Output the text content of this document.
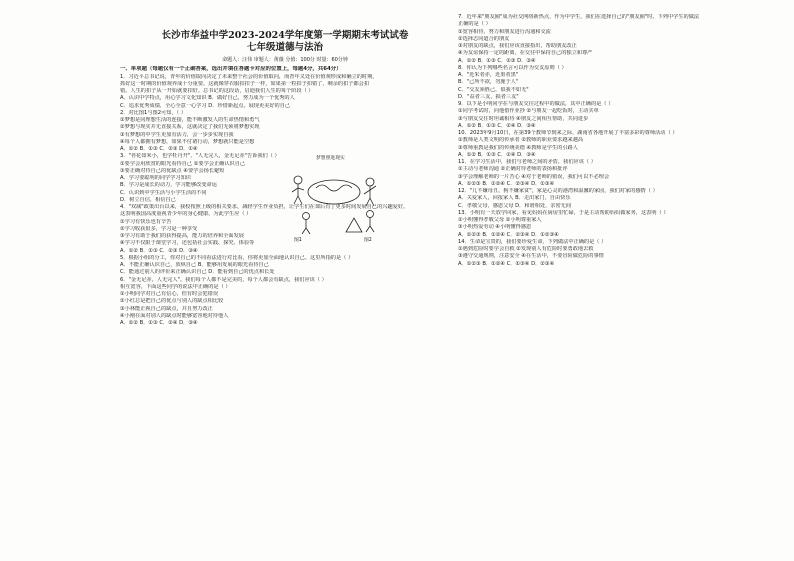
长沙市华益中学2023-2024学年度第一学期期末考试试卷
七年级道德与法治
命题人：汪伟 审题人：黄薇 分值：100分 时量：60分钟
一、单项题（每题仅有一个正确答案，选出并填在答题卡对应的位置上，每题4分，共64分）
1．习近平总书记说，青年的价值取向决定了未来整个社会的价值取向，而青年又处在价值观形成和确立的时期，
抓好这一时期的价值观养成十分重要。这就像穿衣服扣扣子一样，如果第一粒扣子扣错了，剩余的扣子都会扣
错。人生的扣子从一开始就要扣好。总书记的这段话，启迪我们人生的每个阶段（ ）
A．认识中学特点，用心学习文化知识 B．做好自己，努力成为一个优秀的人
C．追求优秀成绩，全心全意一心学习 D．珍惜新起点，展现更美好的自己
2．对比图1与图2可知，（ ）
①梦想是同理想生活的连接，能不断激发人的生命热情和勇气
②梦想与现实并无直接关系，这就决定了我们无须将梦想实现
③有梦想的中学生更加有活力，会一步步实现自我
④每个人都拥有梦想，如果不付诸行动，梦想就只能是空想
A．①② B．①③ C．②③ D．①④
3．"苔花如米小，也学牡丹开"、"人无完人，金无足赤"告诉我们（ ）
①要学会用欣赏的眼光看待自己 ②要学会正确认识自己
③要正确对待自己的优缺点 ④要学会扬长避短
A．学习要聪明的同学学习知识
B．学习是成长的动力，学习能够改变命运
C．认识到中学生活与小学生活的不同
D．树立自信，相信自己
4．"双减"政策出台以来，我校按照上级的相关要求，减轻学生作业负担，让学生们在课后有了更多时间发展自己的兴趣爱好。
这表明我国高度重视青少年的身心健康。为此学生应（ ）
①学习有快乐也有辛苦
②学习收获很多，学习是一种享受
③学习有助于我们的获得提高，能力的培养和全面发展
④学习不仅限于课堂学习，还包括社会实践、探究、体验等
A．①② B．①③ C．②③ D．③④
5．根据小组的分工，你对自己的不同看法进行对比看，你将更加全面地认识自己。这里所指的是（ ）
A．不能正确认识自己，放纵自己 B．能够用发展的眼光看待自己
C．能通过别人的评价来正确认识自己 D．能看到自己的优点和长处
6．"金无足赤，人无完人"。我们每个人都不是完美的，每个人都会有缺点，我们应该（ ）
相互宽容，下面这些同学的说法中正确的是（ ）
①小明同学对自己有信心，但有时会犯错误
②小红总是把自己的优点与别人的缺点相比较
③小林能正视自己的缺点，并且努力改正
④小刚在面对别人的缺点时能够宽容地对待他人
A．①② B．①③ C．②④ D．③④
7．近年来"朋友圈"成为社交网络新热点，作为中学生，我们在选择自己的"朋友圈"时，下列中学生的做法
正确的是（ ）
①宽容相待，努力和朋友进行沟通和交流
②选择志同道合的朋友
③对朋友的缺点，我们应该直接指出，帮助朋友改正
④为友谊保持一定的距离，在交往中保持自己的独立和尊严
A．①② B．①③ C．②③ D．③④
8．你认为下列哪些名言可以作为交友原则（ ）
A．"近朱者赤，近墨者黑"
B．"己所不欲，勿施于人"
C．"交友须胜己，似我不如无"
D．"益者三友，损者三友"
9．以下是小明同学在与朋友交往过程中的做法，其中正确的是（ ）
①同学考试时，向他借作业抄 ②与朋友一起吃饭时，主动买单
③与朋友交往时坦诚相待 ④朋友之间相互帮助，共同进步
A．①② B．①③ C．②④ D．③④
10．2023年9月10日，在第39个教师节到来之际，湖南省各地开展了丰富多彩的尊师活动（ ）
①教师是人类文明的传承者 ②教师的职业要求越来越高
③尊师重教是我们的传统美德 ④教师是学生的引路人
A．①② B．①③ C．②④ D．③④
11．在学习生活中，我们与老师之间的矛盾，我们应该（ ）
①主动与老师沟通 ②正确对待老师的表扬和批评
③学会理解老师的一片苦心 ④对于老师的错误，我们可以不必理会
A．①②③ B．①②④ C．②③④ D．①③④
12．"儿不嫌母丑，狗不嫌家贫"，家是心灵的港湾和温馨的家园，我们对家的感情（ ）
A．关爱家人，回报家人 B．走出家门，自由快乐
C．孝敬父母，感恩父母 D．和谐相处，亲密无间
13．小明有一天放学回家，看见妈妈在厨房里忙碌，于是主动帮助妈妈做家务，这表明（ ）
①小明懂得孝敬父母 ②小明尊重家人
③小明热爱劳动 ④小明懂得感恩
A．①②③ B．①②④ C．②③④ D．①②③④
14．生命是宝贵的，我们要珍爱生命，下列做法中正确的是（ ）
①遇到危险时要学会自救 ②发现别人有危险时要勇敢地去救
③遵守交通规则，注意安全 ④在生活中，不要冒险做危险的事情
A．①②③ B．①②④ C．①③④ D．②③④
梦想照进现实
图1	图2
